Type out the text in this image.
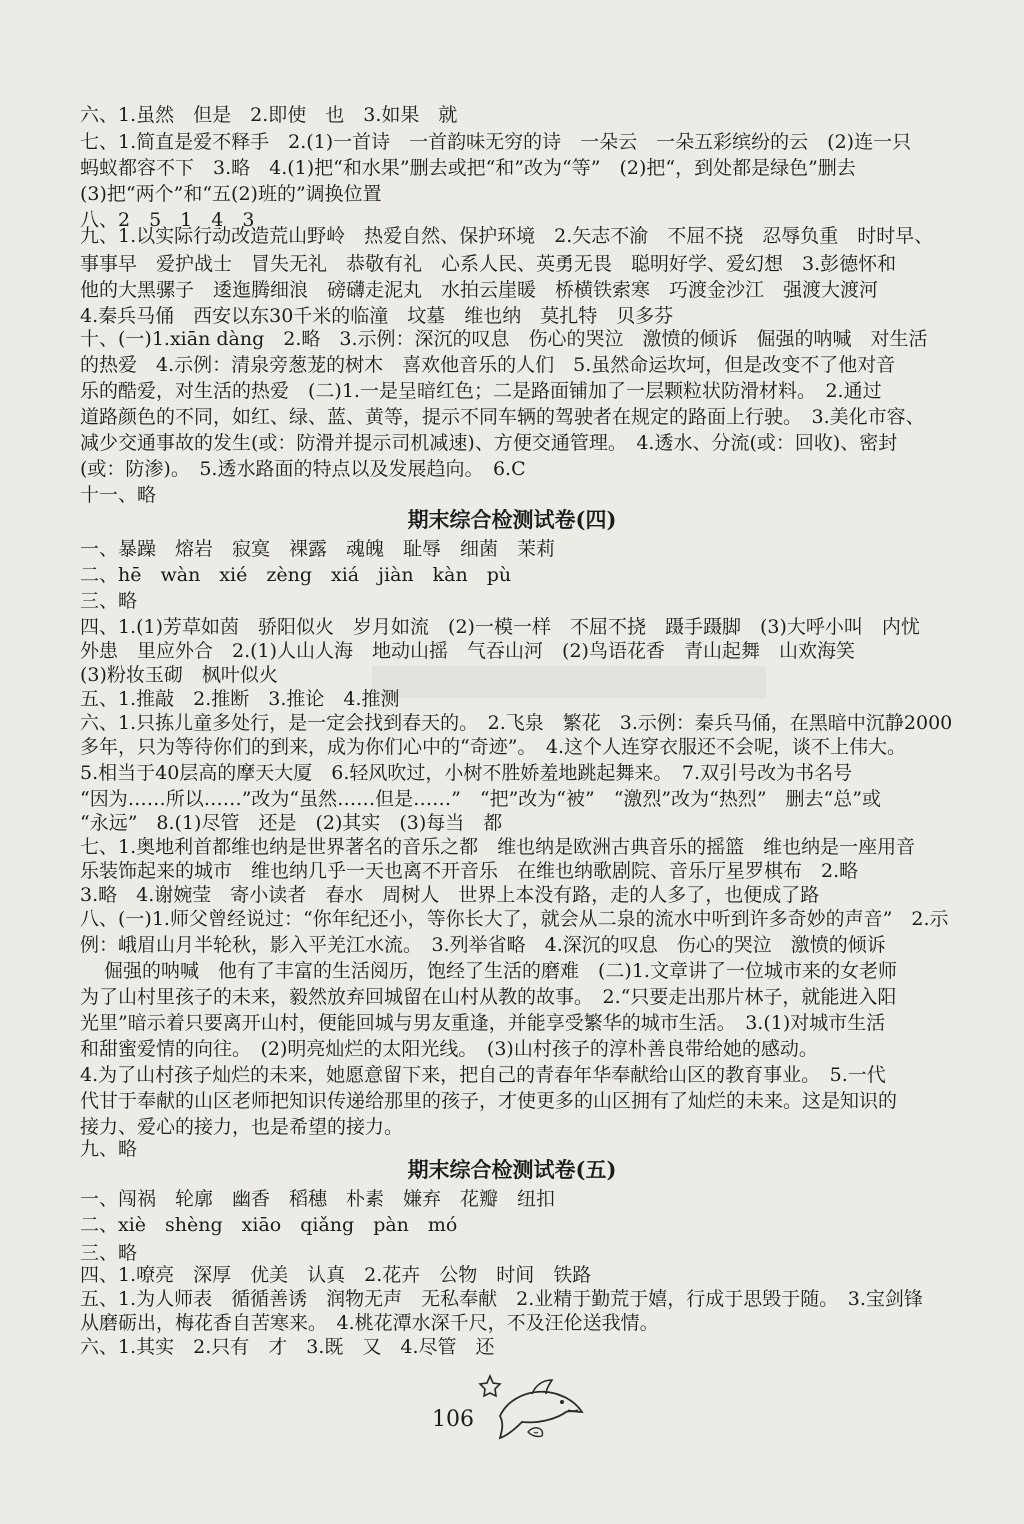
六、1.虽然　但是　2.即使　也　3.如果　就
七、1.简直是爱不释手　2.(1)一首诗　一首韵味无穷的诗　一朵云　一朵五彩缤纷的云　(2)连一只
蚂蚁都容不下　3.略　4.(1)把“和水果”删去或把“和”改为“等”　(2)把“，到处都是绿色”删去
(3)把“两个”和“五(2)班的”调换位置
八、2　5　1　4　3
九、1.以实际行动改造荒山野岭　热爱自然、保护环境　2.矢志不渝　不屈不挠　忍辱负重　时时早、
事事早　爱护战士　冒失无礼　恭敬有礼　心系人民、英勇无畏　聪明好学、爱幻想　3.彭德怀和
他的大黑骡子　逶迤腾细浪　磅礴走泥丸　水拍云崖暖　桥横铁索寒　巧渡金沙江　强渡大渡河
4.秦兵马俑　西安以东30千米的临潼　坟墓　维也纳　莫扎特　贝多芬
十、(一)1.xiān dàng　2.略　3.示例：深沉的叹息　伤心的哭泣　激愤的倾诉　倔强的呐喊　对生活
的热爱　4.示例：清泉旁葱茏的树木　喜欢他音乐的人们　5.虽然命运坎坷，但是改变不了他对音
乐的酷爱，对生活的热爱　(二)1.一是呈暗红色；二是路面铺加了一层颗粒状防滑材料。　2.通过
道路颜色的不同，如红、绿、蓝、黄等，提示不同车辆的驾驶者在规定的路面上行驶。　3.美化市容、
减少交通事故的发生(或：防滑并提示司机减速)、方便交通管理。　4.透水、分流(或：回收)、密封
(或：防渗)。　5.透水路面的特点以及发展趋向。　6.C
十一、略
期末综合检测试卷(四)
一、暴躁　熔岩　寂寞　裸露　魂魄　耻辱　细菌　茉莉
二、hē　wàn　xié　zèng　xiá　jiàn　kàn　pù
三、略
四、1.(1)芳草如茵　骄阳似火　岁月如流　(2)一模一样　不屈不挠　蹑手蹑脚　(3)大呼小叫　内忧
外患　里应外合　2.(1)人山人海　地动山摇　气吞山河　(2)鸟语花香　青山起舞　山欢海笑
(3)粉妆玉砌　枫叶似火
五、1.推敲　2.推断　3.推论　4.推测
六、1.只拣儿童多处行，是一定会找到春天的。　2.飞泉　繁花　3.示例：秦兵马俑，在黑暗中沉静2000
多年，只为等待你们的到来，成为你们心中的“奇迹”。　4.这个人连穿衣服还不会呢，谈不上伟大。
5.相当于40层高的摩天大厦　6.轻风吹过，小树不胜娇羞地跳起舞来。　7.双引号改为书名号
“因为……所以……”改为“虽然……但是……”　“把”改为“被”　“激烈”改为“热烈”　删去“总”或
“永远”　8.(1)尽管　还是　(2)其实　(3)每当　都
七、1.奥地利首都维也纳是世界著名的音乐之都　维也纳是欧洲古典音乐的摇篮　维也纳是一座用音
乐装饰起来的城市　维也纳几乎一天也离不开音乐　在维也纳歌剧院、音乐厅星罗棋布　2.略
3.略　4.谢婉莹　寄小读者　春水　周树人　世界上本没有路，走的人多了，也便成了路
八、(一)1.师父曾经说过：“你年纪还小，等你长大了，就会从二泉的流水中听到许多奇妙的声音”　2.示
例：峨眉山月半轮秋，影入平羌江水流。　3.列举省略　4.深沉的叹息　伤心的哭泣　激愤的倾诉
倔强的呐喊　他有了丰富的生活阅历，饱经了生活的磨难　(二)1.文章讲了一位城市来的女老师
为了山村里孩子的未来，毅然放弃回城留在山村从教的故事。　2.“只要走出那片林子，就能进入阳
光里”暗示着只要离开山村，便能回城与男友重逢，并能享受繁华的城市生活。　3.(1)对城市生活
和甜蜜爱情的向往。　(2)明亮灿烂的太阳光线。　(3)山村孩子的淳朴善良带给她的感动。
4.为了山村孩子灿烂的未来，她愿意留下来，把自己的青春年华奉献给山区的教育事业。　5.一代
代甘于奉献的山区老师把知识传递给那里的孩子，才使更多的山区拥有了灿烂的未来。这是知识的
接力、爱心的接力，也是希望的接力。
九、略
期末综合检测试卷(五)
一、闯祸　轮廓　幽香　稻穗　朴素　嫌弃　花瓣　纽扣
二、xiè　shèng　xiāo　qiǎng　pàn　mó
三、略
四、1.嘹亮　深厚　优美　认真　2.花卉　公物　时间　铁路
五、1.为人师表　循循善诱　润物无声　无私奉献　2.业精于勤荒于嬉，行成于思毁于随。　3.宝剑锋
从磨砺出，梅花香自苦寒来。　4.桃花潭水深千尺，不及汪伦送我情。
六、1.其实　2.只有　才　3.既　又　4.尽管　还
106
